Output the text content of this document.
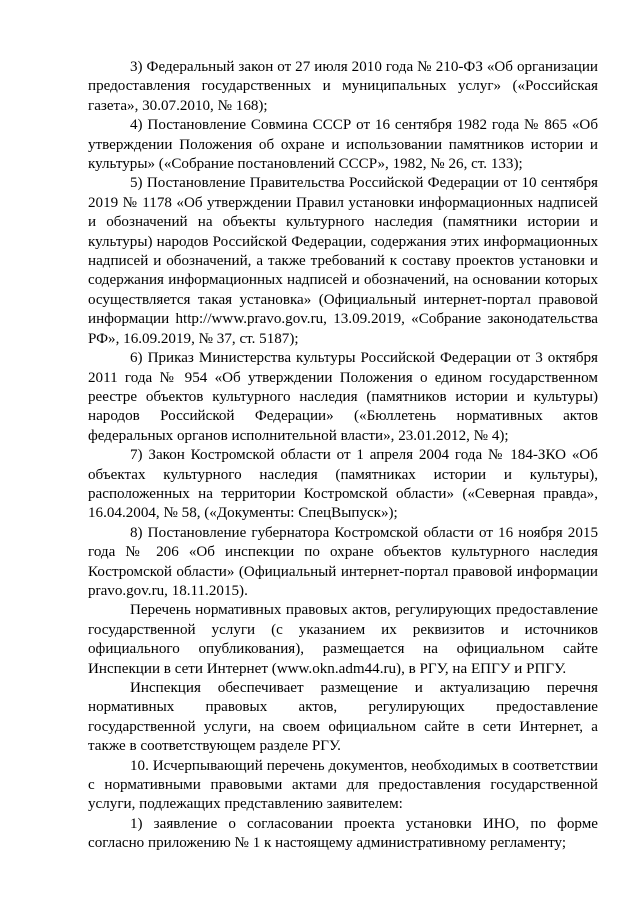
3) Федеральный закон от 27 июля 2010 года № 210-ФЗ «Об организации предоставления государственных и муниципальных услуг» («Российская газета», 30.07.2010, № 168);

4) Постановление Совмина СССР от 16 сентября 1982 года № 865 «Об утверждении Положения об охране и использовании памятников истории и культуры» («Собрание постановлений СССР», 1982, № 26, ст. 133);

5) Постановление Правительства Российской Федерации от 10 сентября 2019 № 1178 «Об утверждении Правил установки информационных надписей и обозначений на объекты культурного наследия (памятники истории и культуры) народов Российской Федерации, содержания этих информационных надписей и обозначений, а также требований к составу проектов установки и содержания информационных надписей и обозначений, на основании которых осуществляется такая установка» (Официальный интернет-портал правовой информации http://www.pravo.gov.ru, 13.09.2019, «Собрание законодательства РФ», 16.09.2019, № 37, ст. 5187);

6) Приказ Министерства культуры Российской Федерации от 3 октября 2011 года № 954 «Об утверждении Положения о едином государственном реестре объектов культурного наследия (памятников истории и культуры) народов Российской Федерации» («Бюллетень нормативных актов федеральных органов исполнительной власти», 23.01.2012, № 4);

7) Закон Костромской области от 1 апреля 2004 года № 184-ЗКО «Об объектах культурного наследия (памятниках истории и культуры), расположенных на территории Костромской области» («Северная правда», 16.04.2004, № 58, («Документы: СпецВыпуск»);

8) Постановление губернатора Костромской области от 16 ноября 2015 года № 206 «Об инспекции по охране объектов культурного наследия Костромской области» (Официальный интернет-портал правовой информации pravo.gov.ru, 18.11.2015).

Перечень нормативных правовых актов, регулирующих предоставление государственной услуги (с указанием их реквизитов и источников официального опубликования), размещается на официальном сайте Инспекции в сети Интернет (www.okn.adm44.ru), в РГУ, на ЕПГУ и РПГУ.

Инспекция обеспечивает размещение и актуализацию перечня нормативных правовых актов, регулирующих предоставление государственной услуги, на своем официальном сайте в сети Интернет, а также в соответствующем разделе РГУ.

10. Исчерпывающий перечень документов, необходимых в соответствии с нормативными правовыми актами для предоставления государственной услуги, подлежащих представлению заявителем:

1) заявление о согласовании проекта установки ИНО, по форме согласно приложению № 1 к настоящему административному регламенту;
